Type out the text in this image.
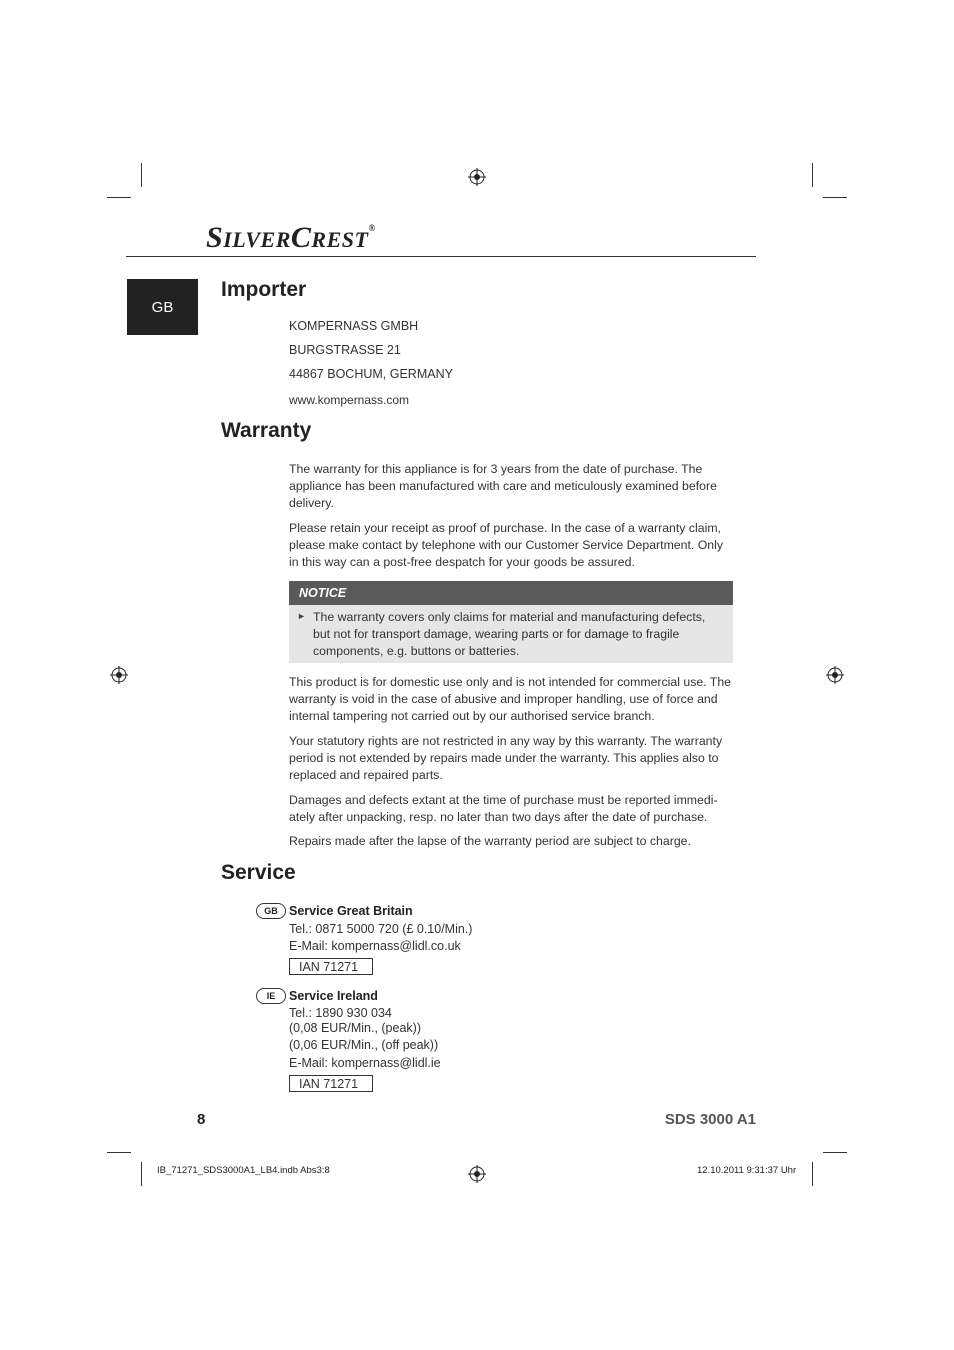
SILVERCREST®
GB
Importer
KOMPERNASS GMBH
BURGSTRASSE 21
44867 BOCHUM, GERMANY
www.kompernass.com
Warranty

The warranty for this appliance is for 3 years from the date of purchase. The appliance has been manufactured with care and meticulously examined before delivery.

Please retain your receipt as proof of purchase. In the case of a warranty claim, please make contact by telephone with our Customer Service Department. Only in this way can a post-free despatch for your goods be assured.

NOTICE
► The warranty covers only claims for material and manufacturing defects, but not for transport damage, wearing parts or for damage to fragile components, e.g. buttons or batteries.

This product is for domestic use only and is not intended for commercial use. The warranty is void in the case of abusive and improper handling, use of force and internal tampering not carried out by our authorised service branch.

Your statutory rights are not restricted in any way by this warranty. The warranty period is not extended by repairs made under the warranty. This applies also to replaced and repaired parts.

Damages and defects extant at the time of purchase must be reported immedi-ately after unpacking, resp. no later than two days after the date of purchase.

Repairs made after the lapse of the warranty period are subject to charge.

Service
GB Service Great Britain
Tel.: 0871 5000 720 (£ 0.10/Min.)
E-Mail: kompernass@lidl.co.uk
IAN 71271
IE	Service Ireland
Tel.: 1890 930 034
(0,08 EUR/Min., (peak))
(0,06 EUR/Min., (off peak))
E-Mail: kompernass@lidl.ie
IAN 71271
8	SDS 3000 A1
IB_71271_SDS3000A1_LB4.indb Abs3:8	12.10.2011 9:31:37 Uhr
